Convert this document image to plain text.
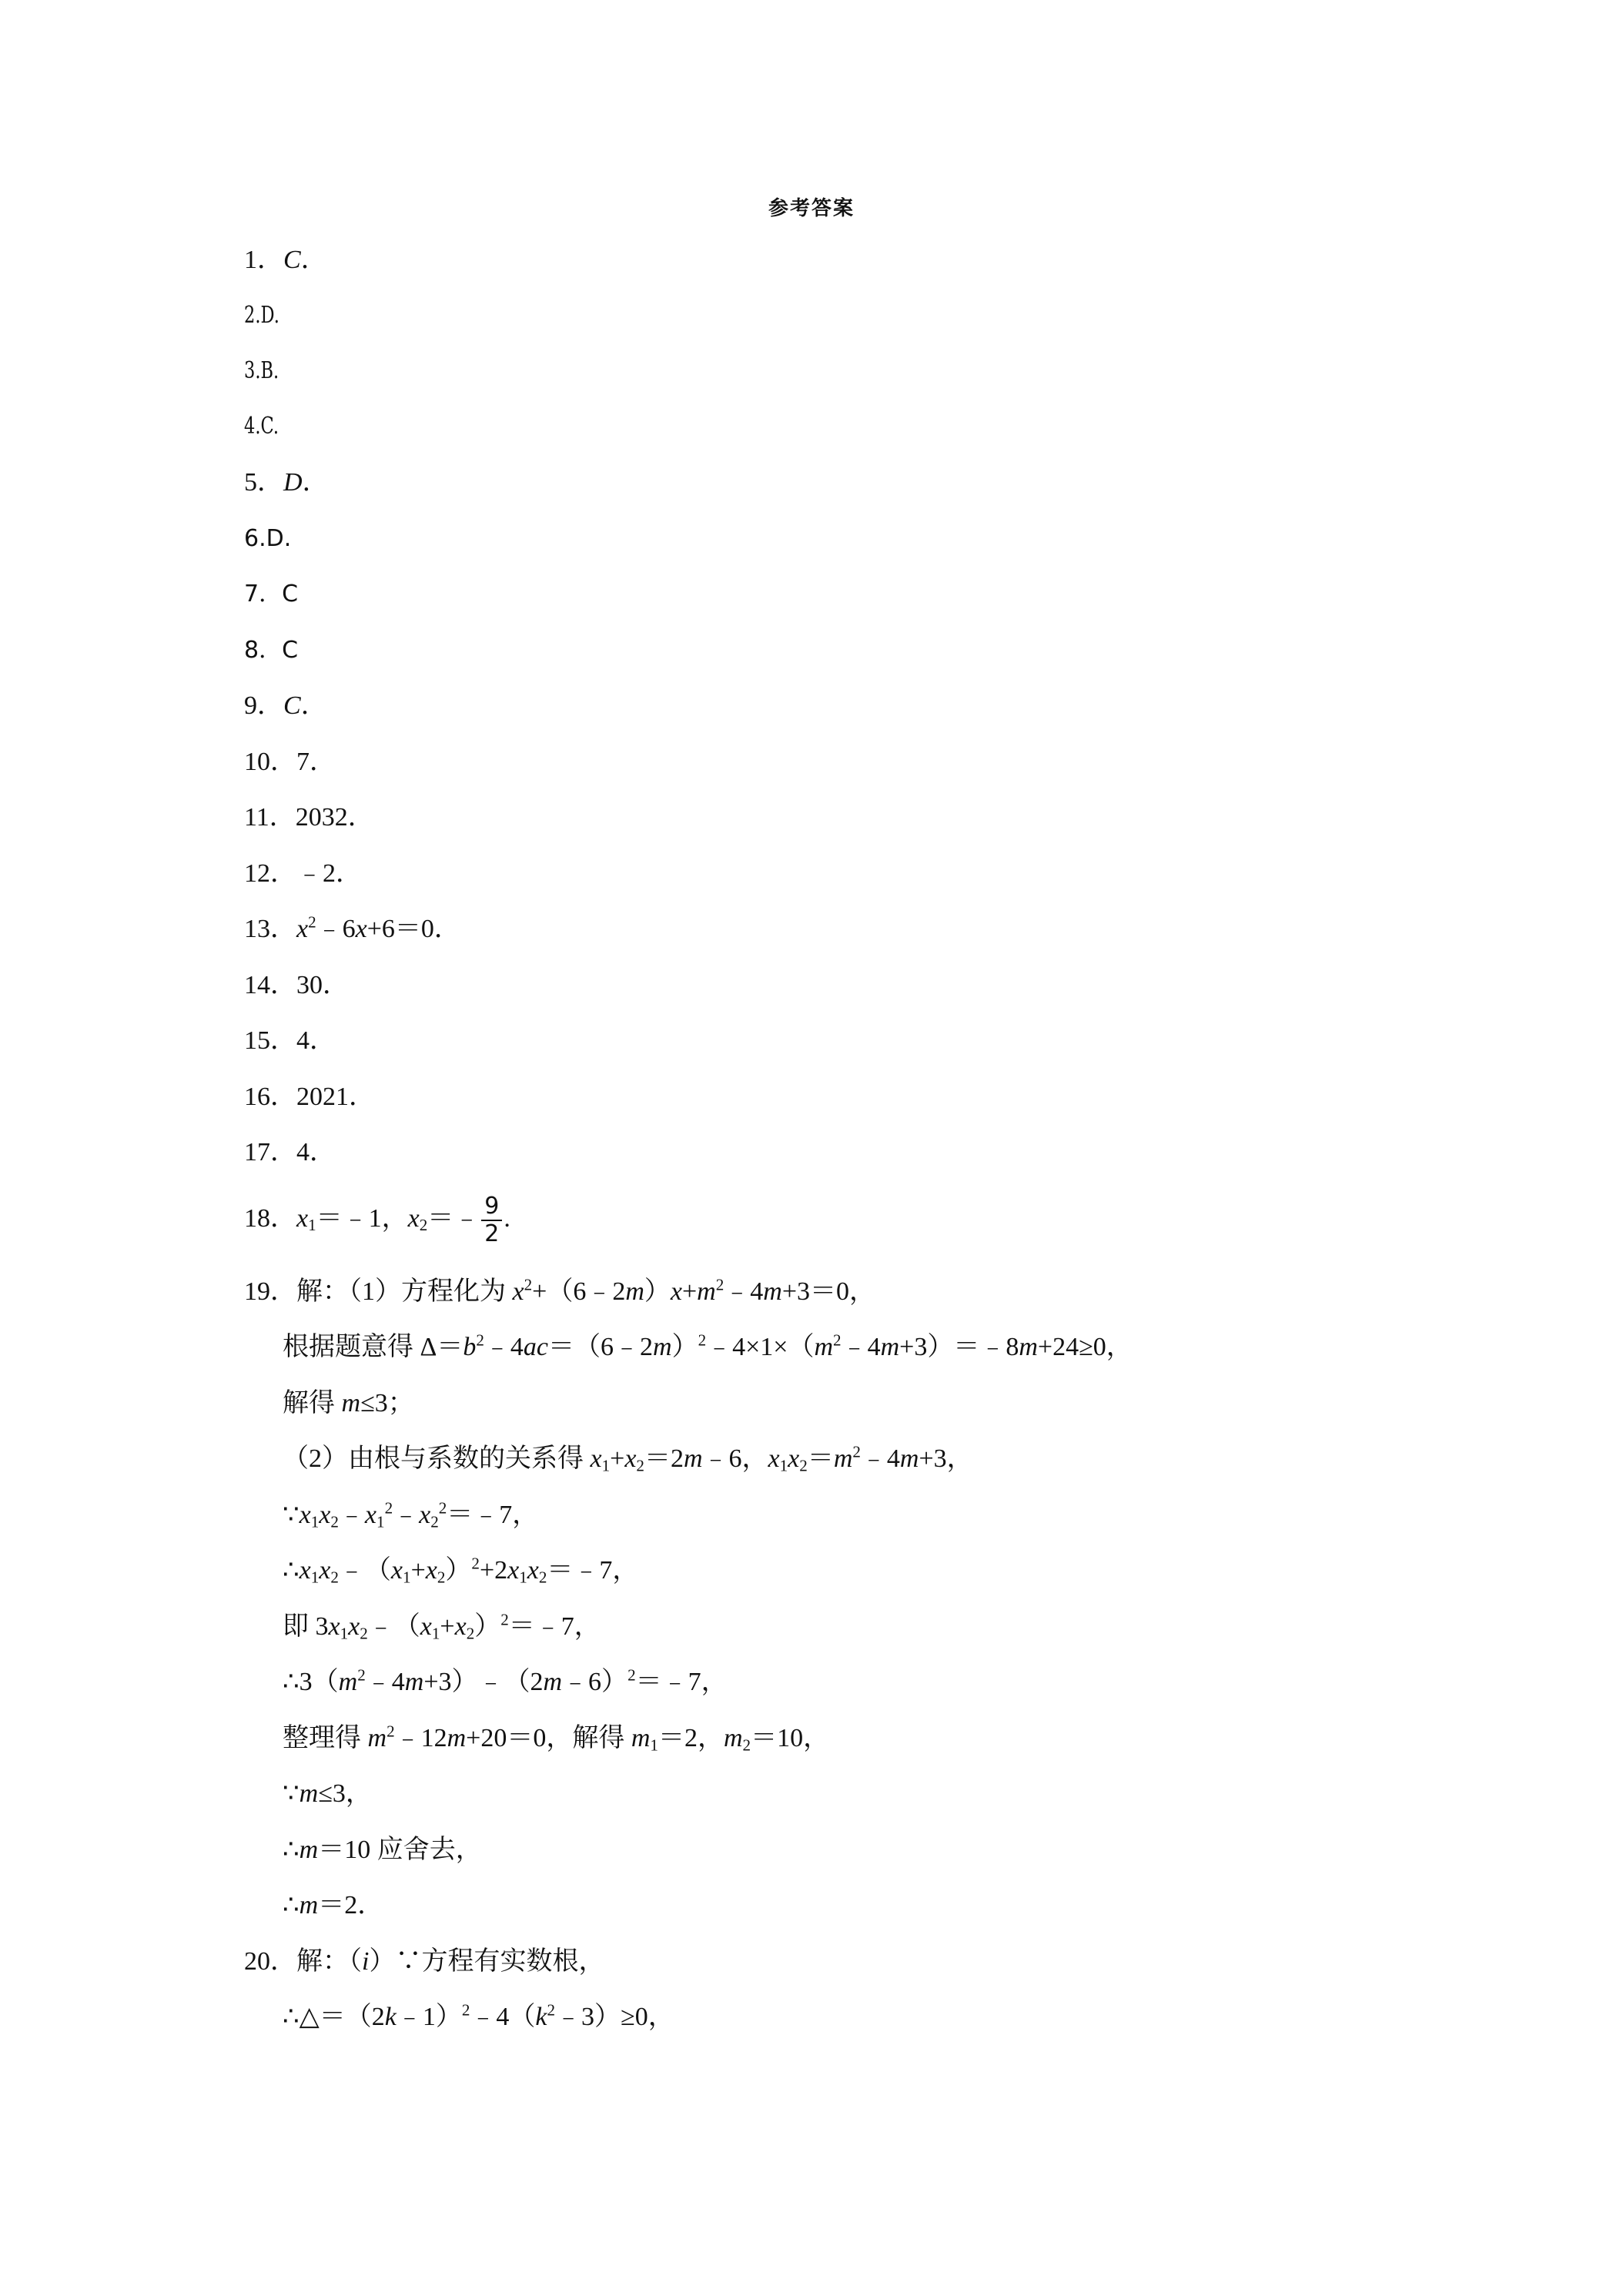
参考答案
1．C．
2.D.
3.B.
4.C.
5．D．
6.D.
7．C
8．C
9．C．
10．7．
11．2032．
12．﹣2．
13．$x^2﹣6x+6=0$．
14．30．
15．4．
16．2021．
17．4．
18．$x_1=﹣1$，$x_2=﹣ \frac{9}{2}$ .
19．解：（1）方程化为 $x^2+(6﹣2m)x+m^2﹣4m+3=0$，
根据题意得 $\Delta=b^2﹣4ac=(6﹣2m)^2﹣4\times 1\times(m^2﹣4m+3)=﹣8m+24\ge 0$，
解得 m≤3；
（2）由根与系数的关系得 $x_1+x_2=2m﹣6$，$x_1x_2=m^2﹣4m+3$，
$\because x_1x_2﹣x_1^2﹣x_2^2=﹣7$，
$\therefore x_1x_2﹣(x_1+x_2)^2+2x_1x_2=﹣7$，
即 $3x_1x_2﹣(x_1+x_2)^2=﹣7$，
$\therefore 3(m^2﹣4m+3)﹣(2m﹣6)^2=﹣7$，
整理得 $m^2﹣12m+20=0$，解得 $m_1=2$，$m_2=10$，
∵m≤3，
∴m＝10 应舍去，
∴m＝2．
20．解：（i）∵方程有实数根，
$\therefore\triangle=(2k﹣1)^2﹣4(k^2﹣3)\ge 0$，
